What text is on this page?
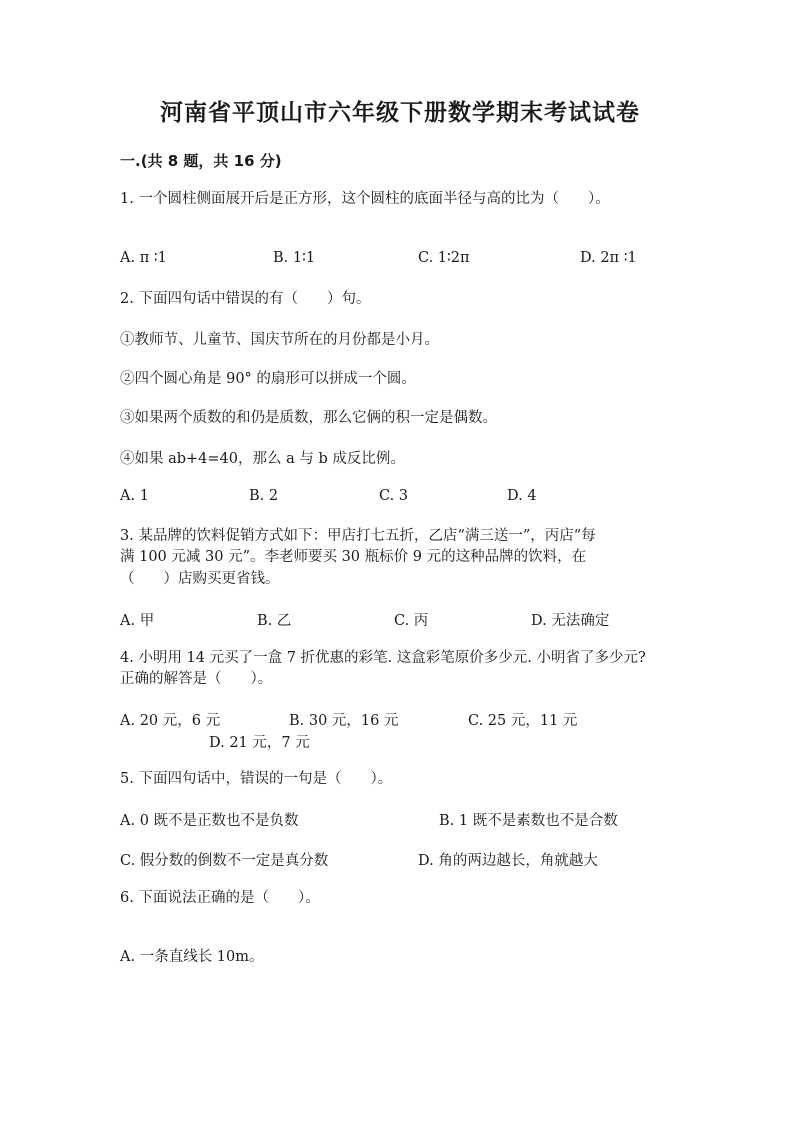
河南省平顶山市六年级下册数学期末考试试卷
一.(共 8 题，共 16 分)
1. 一个圆柱侧面展开后是正方形，这个圆柱的底面半径与高的比为（　　）。
A. π ∶1	B. 1∶1	C. 1∶2π	D. 2π ∶1
2. 下面四句话中错误的有（　　）句。
①教师节、儿童节、国庆节所在的月份都是小月。
②四个圆心角是 90° 的扇形可以拼成一个圆。
③如果两个质数的和仍是质数，那么它俩的积一定是偶数。
④如果 ab+4=40，那么 a 与 b 成反比例。
A. 1	B. 2	C. 3	D. 4
3. 某品牌的饮料促销方式如下：甲店打七五折，乙店“满三送一”，丙店“每
满 100 元减 30 元”。李老师要买 30 瓶标价 9 元的这种品牌的饮料，在
（　　）店购买更省钱。
A. 甲	B. 乙	C. 丙	D. 无法确定
4. 小明用 14 元买了一盒 7 折优惠的彩笔. 这盒彩笔原价多少元. 小明省了多少元?
正确的解答是（　　）。
A. 20 元，6 元	B. 30 元，16 元	C. 25 元，11 元
D. 21 元，7 元
5. 下面四句话中，错误的一句是（　　）。
A. 0 既不是正数也不是负数	B. 1 既不是素数也不是合数
C. 假分数的倒数不一定是真分数	D. 角的两边越长，角就越大
6. 下面说法正确的是（　　）。
A. 一条直线长 10m。
